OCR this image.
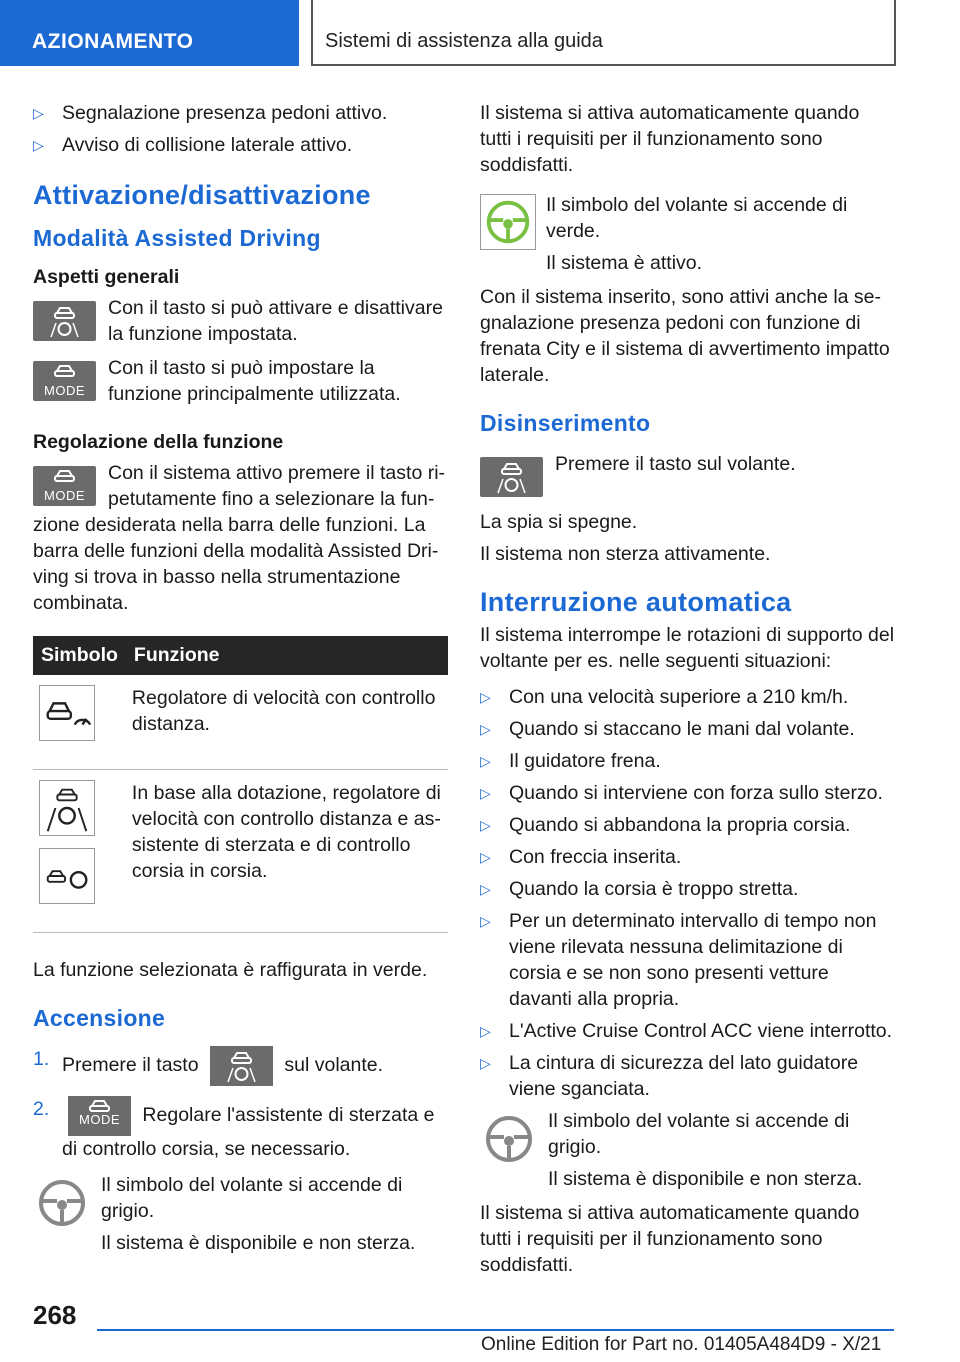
AZIONAMENTO	Sistemi di assistenza alla guida
▷ Segnalazione presenza pedoni attivo.
▷ Avviso di collisione laterale attivo.
Attivazione/disattivazione
Modalità Assisted Driving
Aspetti generali

Con il tasto si può attivare e disattivare la funzione impostata.

MODE

Con il tasto si può impostare la funzione principalmente utilizzata.

Regolazione della funzione
MODE

Con il sistema attivo premere il tasto ripetutamente fino a selezionare la funzione desiderata nella barra delle funzioni. La barra delle funzioni della modalità Assisted Driving si trova in basso nella strumentazione combinata.

Simbolo	Funzione

	Regolatore di velocità con controllo distanza.

	In base alla dotazione, regolatore di velocità con controllo distanza e assistente di sterzata e di controllo corsia in corsia.

La funzione selezionata è raffigurata in verde.

Accensione
1. Premere il tasto	sul volante.
2.	MODE	Regolare l'assistente di sterzata e di controllo corsia, se necessario.

Il simbolo del volante si accende di grigio.

Il sistema è disponibile e non sterza.

Il sistema si attiva automaticamente quando tutti i requisiti per il funzionamento sono soddisfatti.

Il simbolo del volante si accende di verde.

Il sistema è attivo.

Con il sistema inserito, sono attivi anche la segnalazione presenza pedoni con funzione di frenata City e il sistema di avvertimento impatto laterale.

Disinserimento

Premere il tasto sul volante.

La spia si spegne.

Il sistema non sterza attivamente.

Interruzione automatica

Il sistema interrompe le rotazioni di supporto del voltante per es. nelle seguenti situazioni:

▷ Con una velocità superiore a 210 km/h.
▷ Quando si staccano le mani dal volante.
▷ Il guidatore frena.
▷ Quando si interviene con forza sullo sterzo.
▷ Quando si abbandona la propria corsia.
▷ Con freccia inserita.
▷ Quando la corsia è troppo stretta.
▷ Per un determinato intervallo di tempo non viene rilevata nessuna delimitazione di corsia e se non sono presenti vetture davanti alla propria.
▷ L'Active Cruise Control ACC viene interrotto.
▷ La cintura di sicurezza del lato guidatore viene sganciata.

Il simbolo del volante si accende di grigio.

Il sistema è disponibile e non sterza.

Il sistema si attiva automaticamente quando tutti i requisiti per il funzionamento sono soddisfatti.

268
Online Edition for Part no. 01405A484D9 - X/21
